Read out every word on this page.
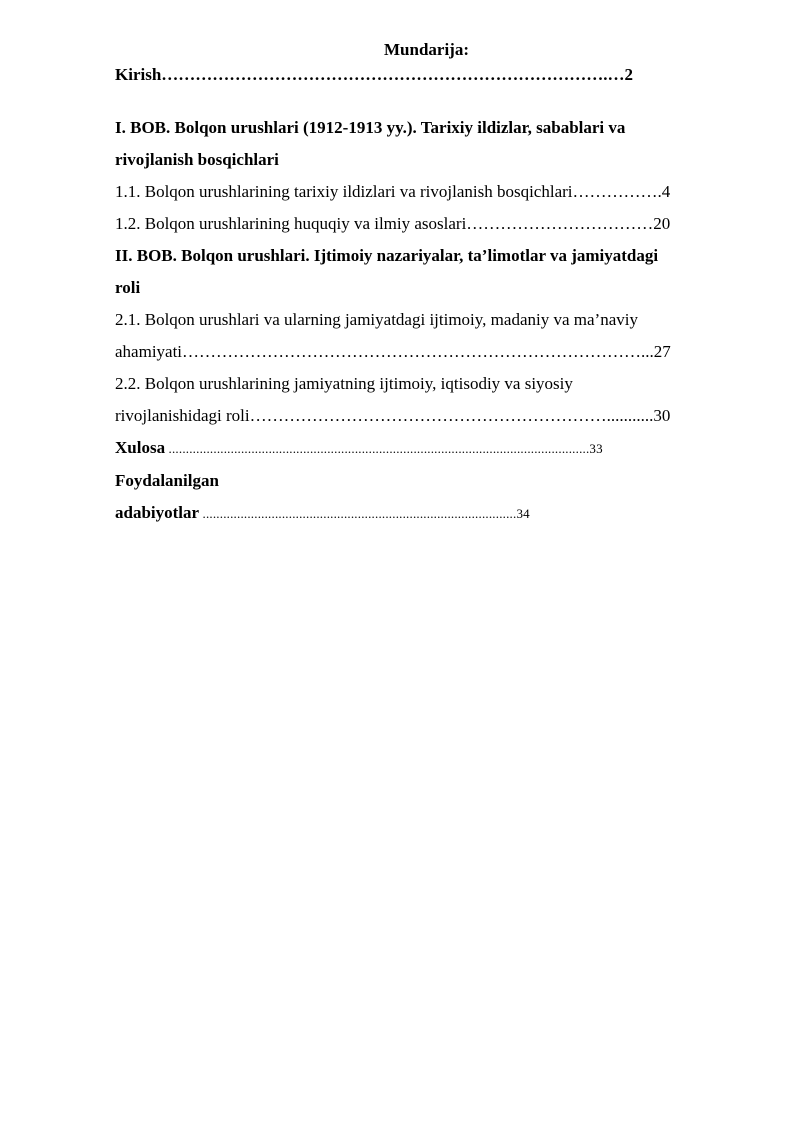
Mundarija:
Kirish…………………………………………………………………….…2
I. BOB. Bolqon urushlari (1912-1913 yy.). Tarixiy ildizlar, sabablari va
rivojlanish bosqichlari
1.1. Bolqon urushlarining tarixiy ildizlari va rivojlanish bosqichlari…………….4
1.2. Bolqon urushlarining huquqiy va ilmiy asoslari……………………………20
II. BOB. Bolqon urushlari. Ijtimoiy nazariyalar, ta’limotlar va jamiyatdagi
roli
2.1. Bolqon urushlari va ularning jamiyatdagi ijtimoiy, madaniy va ma’naviy
ahamiyati………………………………………………………………………...27
2.2. Bolqon urushlarining jamiyatning ijtimoiy, iqtisodiy va siyosiy
rivojlanishidagi roli………………………………………………………...........30
Xulosa ..........................................................................................................................33
Foydalanilgan
adabiyotlar ...........................................................................................34
